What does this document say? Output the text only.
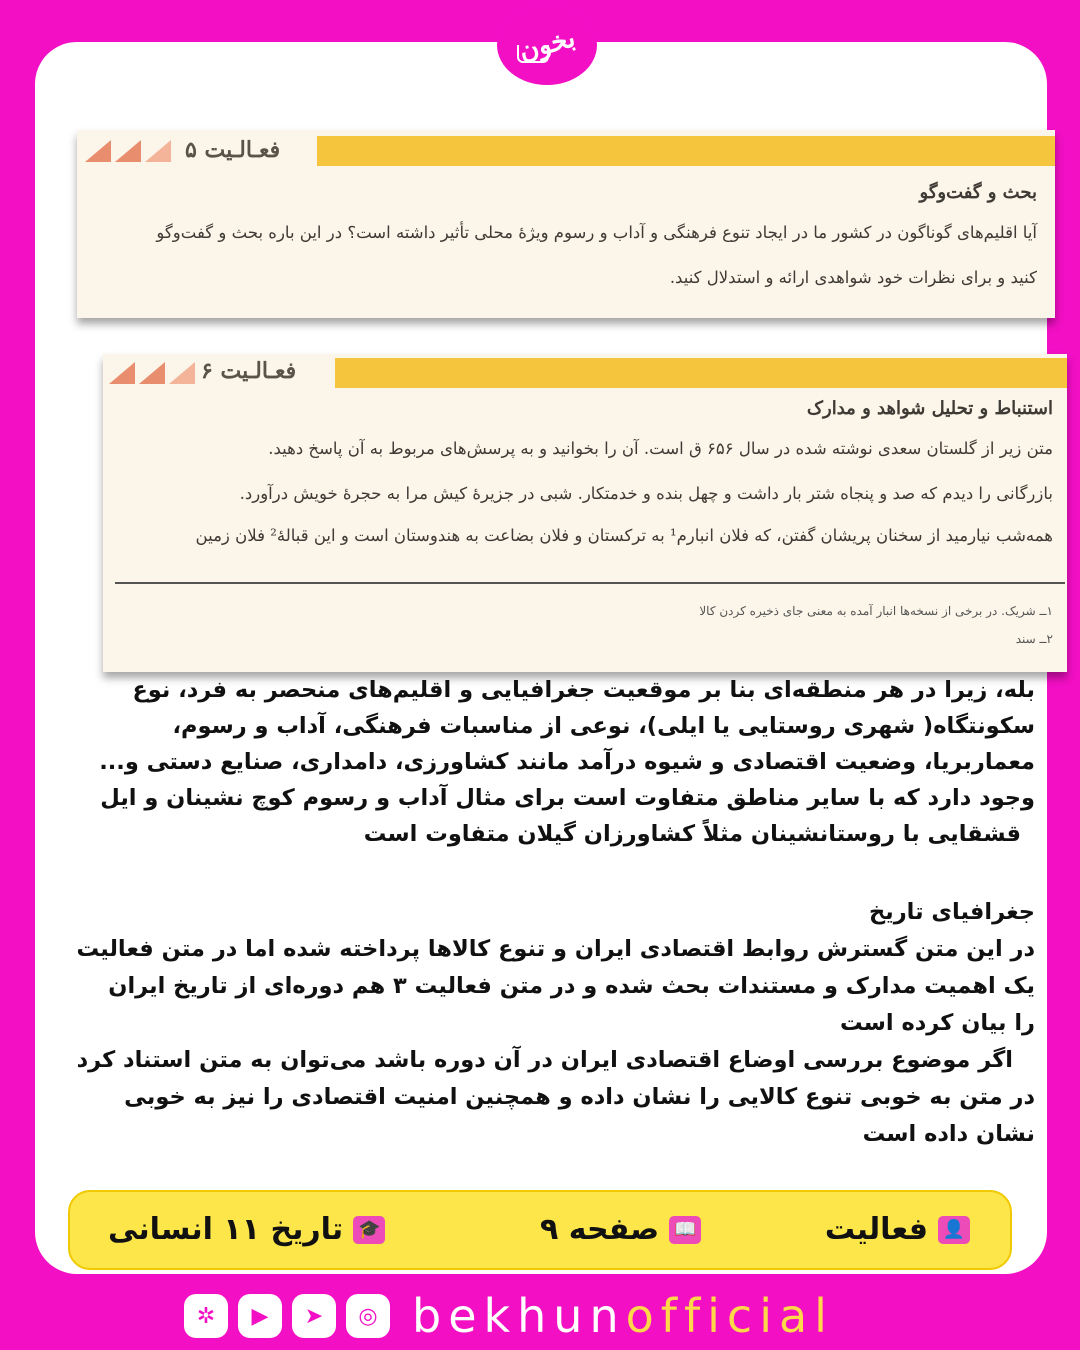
فعـالـیت ۵
بحث و گفت‌وگو
آیا اقلیم‌های گوناگون در کشور ما در ایجاد تنوع فرهنگی و آداب و رسوم ویژهٔ محلی تأثیر داشته است؟ در این باره بحث و گفت‌وگو
کنید و برای نظرات خود شواهدی ارائه و استدلال کنید.
فعـالـیت ۶
استنباط و تحلیل شواهد و مدارک
متن زیر از گلستان سعدی نوشته شده در سال ۶۵۶ ق است. آن را بخوانید و به پرسش‌های مربوط به آن پاسخ دهید.
بازرگانی را دیدم که صد و پنجاه شتر بار داشت و چهل بنده و خدمتکار. شبی در جزیرهٔ کیش مرا به حجرهٔ خویش درآورد.
همه‌شب نیارمید از سخنان پریشان گفتن، که فلان انبارم¹ به ترکستان و فلان بضاعت به هندوستان است و این قبالهٔ² فلان زمین
۱ــ شریک. در برخی از نسخه‌ها انبار آمده به معنی جای ذخیره کردن کالا
۲ــ سند
بله، زیرا در هر منطقه‌ای بنا بر موقعیت جغرافیایی و اقلیم‌های منحصر به فرد، نوع
سکونتگاه( شهری روستایی یا ایلی)، نوعی از مناسبات فرهنگی، آداب و رسوم،
معماربریا، وضعیت اقتصادی و شیوه درآمد مانند کشاورزی، دامداری، صنایع دستی و...
وجود دارد که با سایر مناطق متفاوت است برای مثال آداب و رسوم کوچ نشینان و ایل
قشقایی با روستانشینان مثلاً کشاورزان گیلان متفاوت است
جغرافیای تاریخ
در این متن گسترش روابط اقتصادی ایران و تنوع کالاها پرداخته شده اما در متن فعالیت
یک اهمیت مدارک و مستندات بحث شده و در متن فعالیت ۳ هم دوره‌ای از تاریخ ایران
را بیان کرده است
اگر موضوع بررسی اوضاع اقتصادی ایران در آن دوره باشد می‌توان به متن استناد کرد
در متن به خوبی تنوع کالایی را نشان داده و همچنین امنیت اقتصادی را نیز به خوبی
نشان داده است
بخون
👤
فعالیت
📖
صفحه ۹
🎓
تاریخ ۱۱ انسانی
✲	▶	➤	◎ bekhunofficial
